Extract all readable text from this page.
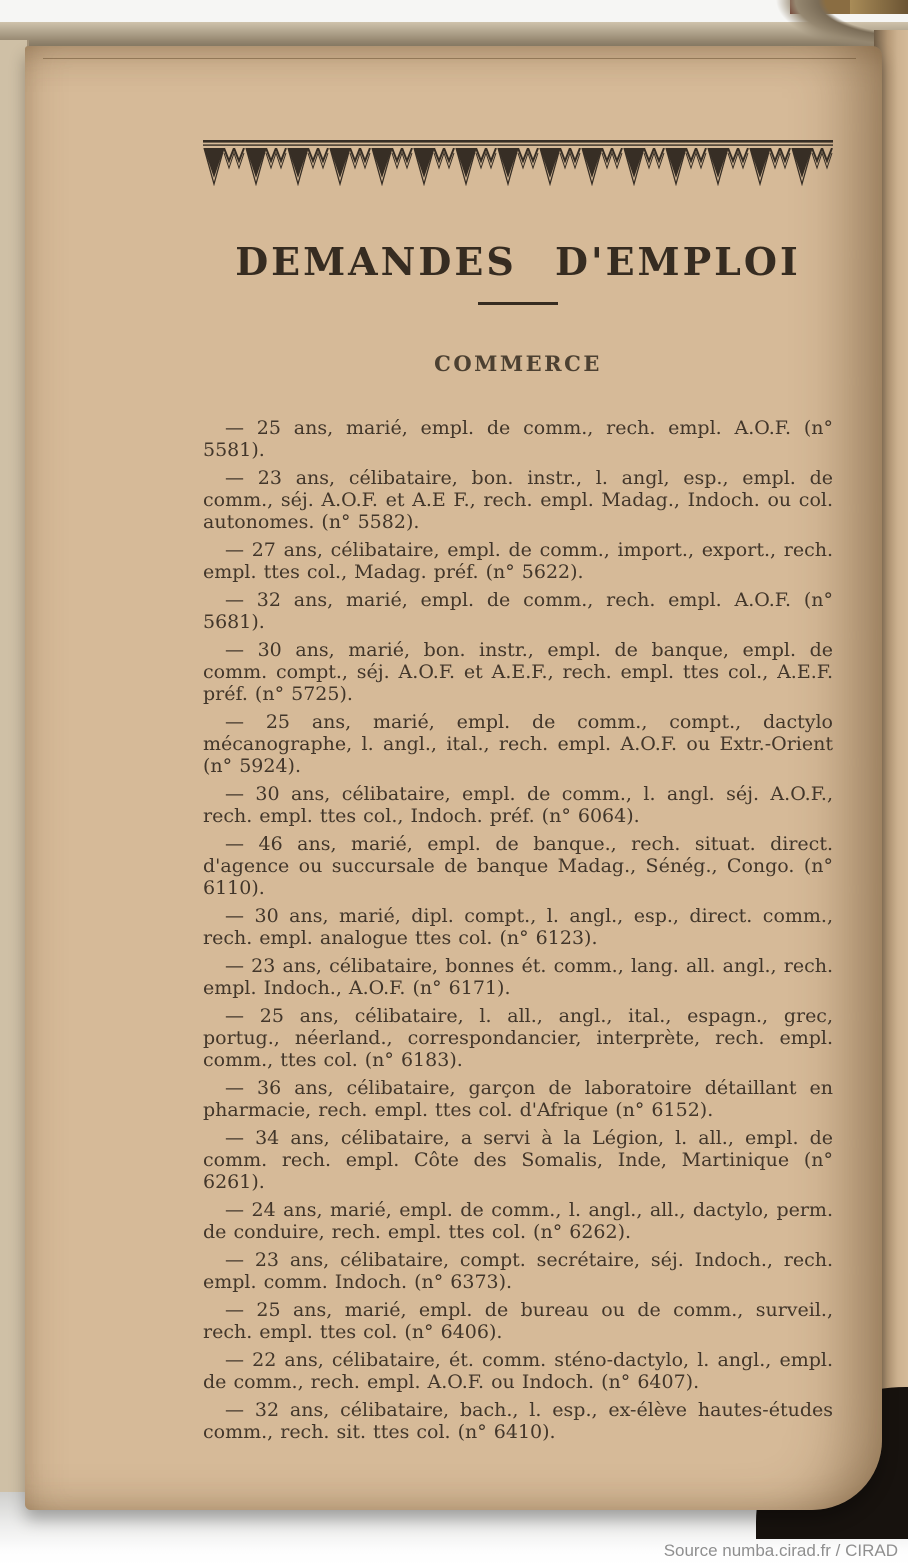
DEMANDES D'EMPLOI
COMMERCE

— 25 ans, marié, empl. de comm., rech. empl. A.O.F. (n° 5581).

— 23 ans, célibataire, bon. instr., l. angl, esp., empl. de comm., séj. A.O.F. et A.E F., rech. empl. Madag., Indoch. ou col. autonomes. (n° 5582).

— 27 ans, célibataire, empl. de comm., import., export., rech. empl. ttes col., Madag. préf. (n° 5622).

— 32 ans, marié, empl. de comm., rech. empl. A.O.F. (n° 5681).

— 30 ans, marié, bon. instr., empl. de banque, empl. de comm. compt., séj. A.O.F. et A.E.F., rech. empl. ttes col., A.E.F. préf. (n° 5725).

— 25 ans, marié, empl. de comm., compt., dactylo mécanographe, l. angl., ital., rech. empl. A.O.F. ou Extr.-Orient (n° 5924).

— 30 ans, célibataire, empl. de comm., l. angl. séj. A.O.F., rech. empl. ttes col., Indoch. préf. (n° 6064).

— 46 ans, marié, empl. de banque., rech. situat. direct. d'agence ou succursale de banque Madag., Sénég., Congo. (n° 6110).

— 30 ans, marié, dipl. compt., l. angl., esp., direct. comm., rech. empl. analogue ttes col. (n° 6123).

— 23 ans, célibataire, bonnes ét. comm., lang. all. angl., rech. empl. Indoch., A.O.F. (n° 6171).

— 25 ans, célibataire, l. all., angl., ital., espagn., grec, portug., néerland., correspondancier, interprète, rech. empl. comm., ttes col. (n° 6183).

— 36 ans, célibataire, garçon de laboratoire détaillant en pharmacie, rech. empl. ttes col. d'Afrique (n° 6152).

— 34 ans, célibataire, a servi à la Légion, l. all., empl. de comm. rech. empl. Côte des Somalis, Inde, Martinique (n° 6261).

— 24 ans, marié, empl. de comm., l. angl., all., dactylo, perm. de conduire, rech. empl. ttes col. (n° 6262).

— 23 ans, célibataire, compt. secrétaire, séj. Indoch., rech. empl. comm. Indoch. (n° 6373).

— 25 ans, marié, empl. de bureau ou de comm., surveil., rech. empl. ttes col. (n° 6406).

— 22 ans, célibataire, ét. comm. sténo-dactylo, l. angl., empl. de comm., rech. empl. A.O.F. ou Indoch. (n° 6407).

— 32 ans, célibataire, bach., l. esp., ex-élève hautes-études comm., rech. sit. ttes col. (n° 6410).

Source numba.cirad.fr / CIRAD
